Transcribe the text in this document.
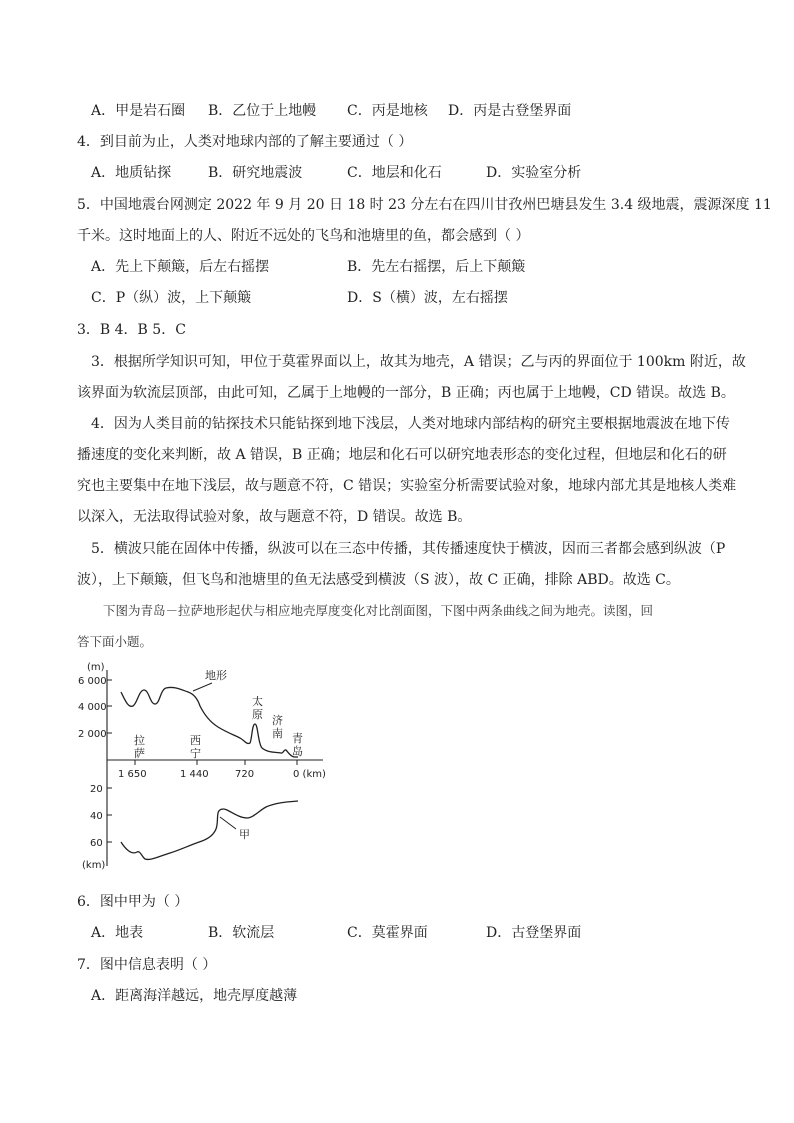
A．甲是岩石圈 B．乙位于上地幔 C．丙是地核 D．丙是古登堡界面
4．到目前为止，人类对地球内部的了解主要通过（ ）
A．地质钻探	B．研究地震波	C．地层和化石	D．实验室分析
5．中国地震台网测定 2022 年 9 月 20 日 18 时 23 分左右在四川甘孜州巴塘县发生 3.4 级地震，震源深度 11
千米。这时地面上的人、附近不远处的飞鸟和池塘里的鱼，都会感到（ ）
A．先上下颠簸，后左右摇摆	B．先左右摇摆，后上下颠簸
C．P（纵）波，上下颠簸	D．S（横）波，左右摇摆
3．B 4．B 5．C
3．根据所学知识可知，甲位于莫霍界面以上，故其为地壳，A 错误；乙与丙的界面位于 100km 附近，故
该界面为软流层顶部，由此可知，乙属于上地幔的一部分，B 正确；丙也属于上地幔，CD 错误。故选 B。
4．因为人类目前的钻探技术只能钻探到地下浅层，人类对地球内部结构的研究主要根据地震波在地下传
播速度的变化来判断，故 A 错误，B 正确；地层和化石可以研究地表形态的变化过程，但地层和化石的研
究也主要集中在地下浅层，故与题意不符，C 错误；实验室分析需要试验对象，地球内部尤其是地核人类难
以深入，无法取得试验对象，故与题意不符，D 错误。故选 B。
5．横波只能在固体中传播，纵波可以在三态中传播，其传播速度快于横波，因而三者都会感到纵波（P
波），上下颠簸，但飞鸟和池塘里的鱼无法感受到横波（S 波），故 C 正确，排除 ABD。故选 C。
下图为青岛－拉萨地形起伏与相应地壳厚度变化对比剖面图，下图中两条曲线之间为地壳。读图，回
答下面小题。
(m)
6 000
4 000
2 000
1 650	1 440	720	0 (km)
20
40
60
(km)
地形
甲
拉
萨
西
宁
太
原 济
南 青
岛
6．图中甲为（ ）
A．地表	B．软流层	C．莫霍界面	D．古登堡界面
7．图中信息表明（ ）
A．距离海洋越远，地壳厚度越薄
